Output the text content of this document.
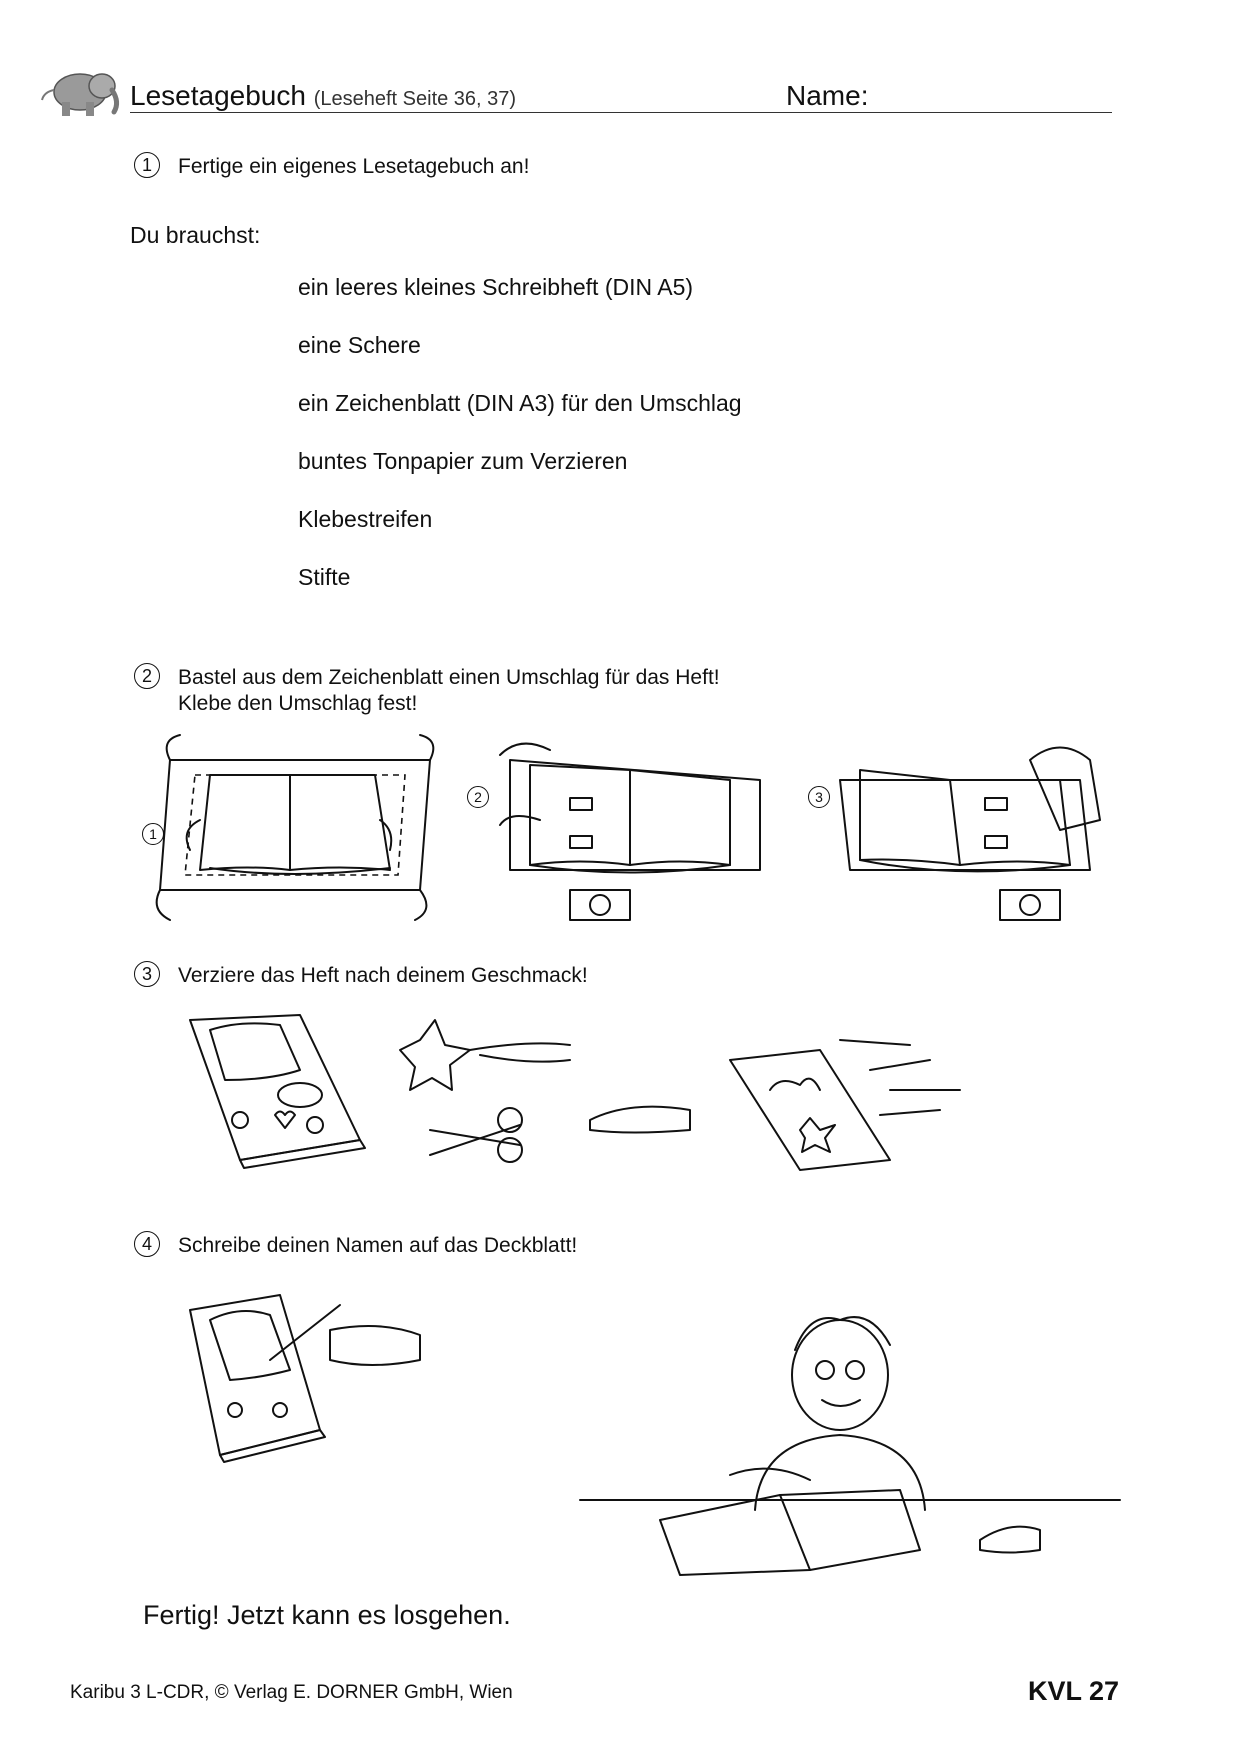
Lesetagebuch (Leseheft Seite 36, 37)	Name:
1	Fertige ein eigenes Lesetagebuch an!
Du brauchst:
ein leeres kleines Schreibheft (DIN A5)
eine Schere
ein Zeichenblatt (DIN A3) für den Umschlag
buntes Tonpapier zum Verzieren
Klebestreifen
Stifte
2	Bastel aus dem Zeichenblatt einen Umschlag für das Heft!
Klebe den Umschlag fest!
1
2	3
3	Verziere das Heft nach deinem Geschmack!
4	Schreibe deinen Namen auf das Deckblatt!
Fertig! Jetzt kann es losgehen.
Karibu 3 L-CDR, © Verlag E. DORNER GmbH, Wien	KVL 27
